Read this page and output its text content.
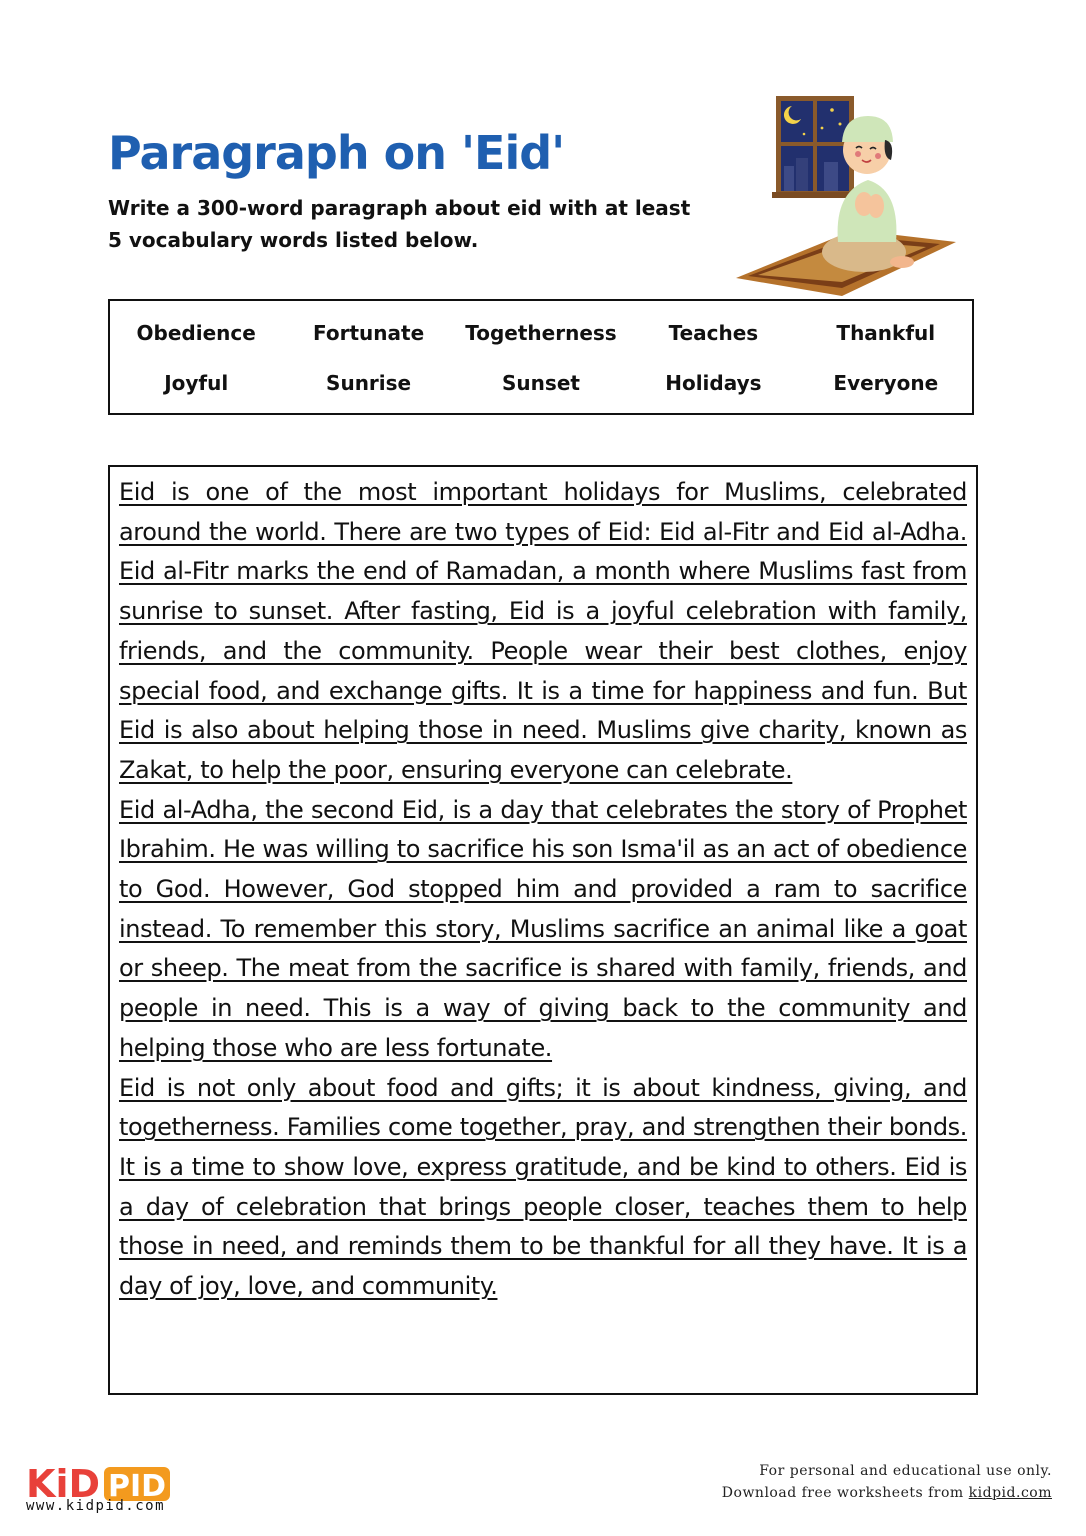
Paragraph on 'Eid'

Write a 300-word paragraph about eid with at least 5 vocabulary words listed below.

Obedience	Fortunate	Togetherness	Teaches	Thankful
Joyful	Sunrise	Sunset	Holidays	Everyone

Eid is one of the most important holidays for Muslims, celebrated around the world. There are two types of Eid: Eid al-Fitr and Eid al-Adha. Eid al-Fitr marks the end of Ramadan, a month where Muslims fast from sunrise to sunset. After fasting, Eid is a joyful celebration with family, friends, and the community. People wear their best clothes, enjoy special food, and exchange gifts. It is a time for happiness and fun. But Eid is also about helping those in need. Muslims give charity, known as Zakat, to help the poor, ensuring everyone can celebrate.

Eid al-Adha, the second Eid, is a day that celebrates the story of Prophet Ibrahim. He was willing to sacrifice his son Isma'il as an act of obedience to God. However, God stopped him and provided a ram to sacrifice instead. To remember this story, Muslims sacrifice an animal like a goat or sheep. The meat from the sacrifice is shared with family, friends, and people in need. This is a way of giving back to the community and helping those who are less fortunate.

Eid is not only about food and gifts; it is about kindness, giving, and togetherness. Families come together, pray, and strengthen their bonds. It is a time to show love, express gratitude, and be kind to others. Eid is a day of celebration that brings people closer, teaches them to help those in need, and reminds them to be thankful for all they have. It is a day of joy, love, and community.

KiD PID
www.kidpid.com
For personal and educational use only.
Download free worksheets from kidpid.com
